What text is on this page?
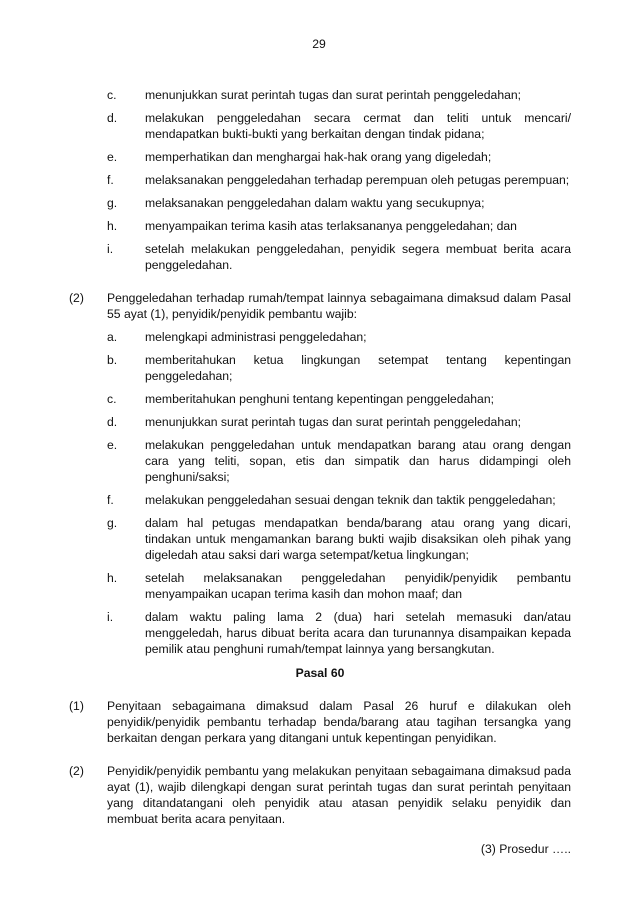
29
c. menunjukkan surat perintah tugas dan surat perintah penggeledahan;
d. melakukan penggeledahan secara cermat dan teliti untuk mencari/ mendapatkan bukti-bukti yang berkaitan dengan tindak pidana;
e. memperhatikan dan menghargai hak-hak orang yang digeledah;
f.	melaksanakan penggeledahan terhadap perempuan oleh petugas perempuan;
g. melaksanakan penggeledahan dalam waktu yang secukupnya;
h. menyampaikan terima kasih atas terlaksananya penggeledahan; dan
i.	setelah melakukan penggeledahan, penyidik segera membuat berita acara penggeledahan.
(2) Penggeledahan terhadap rumah/tempat lainnya sebagaimana dimaksud dalam Pasal 55 ayat (1), penyidik/penyidik pembantu wajib:
a. melengkapi administrasi penggeledahan;
b. memberitahukan ketua lingkungan setempat tentang kepentingan penggeledahan;
c. memberitahukan penghuni tentang kepentingan penggeledahan;
d. menunjukkan surat perintah tugas dan surat perintah penggeledahan;
e. melakukan penggeledahan untuk mendapatkan barang atau orang dengan cara yang teliti, sopan, etis dan simpatik dan harus didampingi oleh penghuni/saksi;
f.	melakukan penggeledahan sesuai dengan teknik dan taktik penggeledahan;
g. dalam hal petugas mendapatkan benda/barang atau orang yang dicari, tindakan untuk mengamankan barang bukti wajib disaksikan oleh pihak yang digeledah atau saksi dari warga setempat/ketua lingkungan;
h. setelah melaksanakan penggeledahan penyidik/penyidik pembantu menyampaikan ucapan terima kasih dan mohon maaf; dan
i.	dalam waktu paling lama 2 (dua) hari setelah memasuki dan/atau menggeledah, harus dibuat berita acara dan turunannya disampaikan kepada pemilik atau penghuni rumah/tempat lainnya yang bersangkutan.
Pasal 60
(1) Penyitaan sebagaimana dimaksud dalam Pasal 26 huruf e dilakukan oleh penyidik/penyidik pembantu terhadap benda/barang atau tagihan tersangka yang berkaitan dengan perkara yang ditangani untuk kepentingan penyidikan.
(2) Penyidik/penyidik pembantu yang melakukan penyitaan sebagaimana dimaksud pada ayat (1), wajib dilengkapi dengan surat perintah tugas dan surat perintah penyitaan yang ditandatangani oleh penyidik atau atasan penyidik selaku penyidik dan membuat berita acara penyitaan.
(3) Prosedur …..
